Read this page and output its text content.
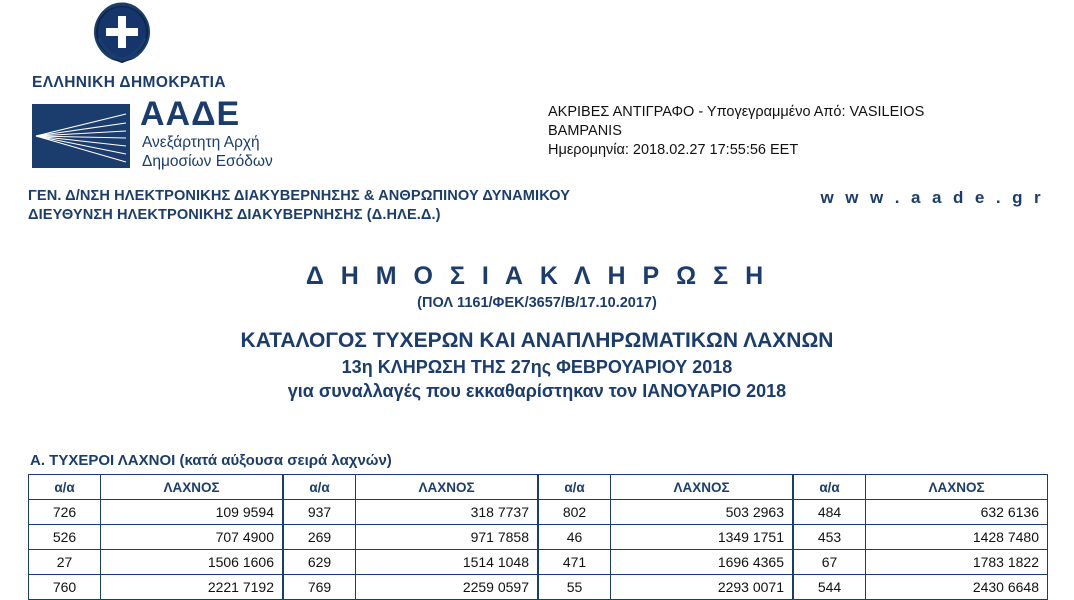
ΕΛΛΗΝΙΚΗ ΔΗΜΟΚΡΑΤΙΑ
ΑΑΔΕ
Ανεξάρτητη Αρχή
Δημοσίων Εσόδων
ΑΚΡΙΒΕΣ ΑΝΤΙΓΡΑΦΟ - Υπογεγραμμένο Από: VASILEIOS
BAMPANIS
Ημερομηνία: 2018.02.27 17:55:56 EET
ΓΕΝ. Δ/ΝΣΗ ΗΛΕΚΤΡΟΝΙΚΗΣ ΔΙΑΚΥΒΕΡΝΗΣΗΣ & ΑΝΘΡΩΠΙΝΟΥ ΔΥΝΑΜΙΚΟΥ
ΔΙΕΥΘΥΝΣΗ ΗΛΕΚΤΡΟΝΙΚΗΣ ΔΙΑΚΥΒΕΡΝΗΣΗΣ (Δ.ΗΛΕ.Δ.)
w w w . a a d e . g r
Δ Η Μ Ο Σ Ι Α Κ Λ Η Ρ Ω Σ Η
(ΠΟΛ 1161/ΦΕΚ/3657/Β/17.10.2017)
ΚΑΤΑΛΟΓΟΣ ΤΥΧΕΡΩΝ ΚΑΙ ΑΝΑΠΛΗΡΩΜΑΤΙΚΩΝ ΛΑΧΝΩΝ
13η ΚΛΗΡΩΣΗ ΤΗΣ 27ης ΦΕΒΡΟΥΑΡΙΟΥ 2018
για συναλλαγές που εκκαθαρίστηκαν τον ΙΑΝΟΥΑΡΙΟ 2018
Α. ΤΥΧΕΡΟΙ ΛΑΧΝΟΙ (κατά αύξουσα σειρά λαχνών)
α/α	ΛΑΧΝΟΣ		α/α	ΛΑΧΝΟΣ		α/α	ΛΑΧΝΟΣ		α/α	ΛΑΧΝΟΣ
726	109 9594		937	318 7737		802	503 2963		484	632 6136
526	707 4900		269	971 7858		46	1349 1751		453	1428 7480
27	1506 1606		629	1514 1048		471	1696 4365		67	1783 1822
760	2221 7192		769	2259 0597		55	2293 0071		544	2430 6648
